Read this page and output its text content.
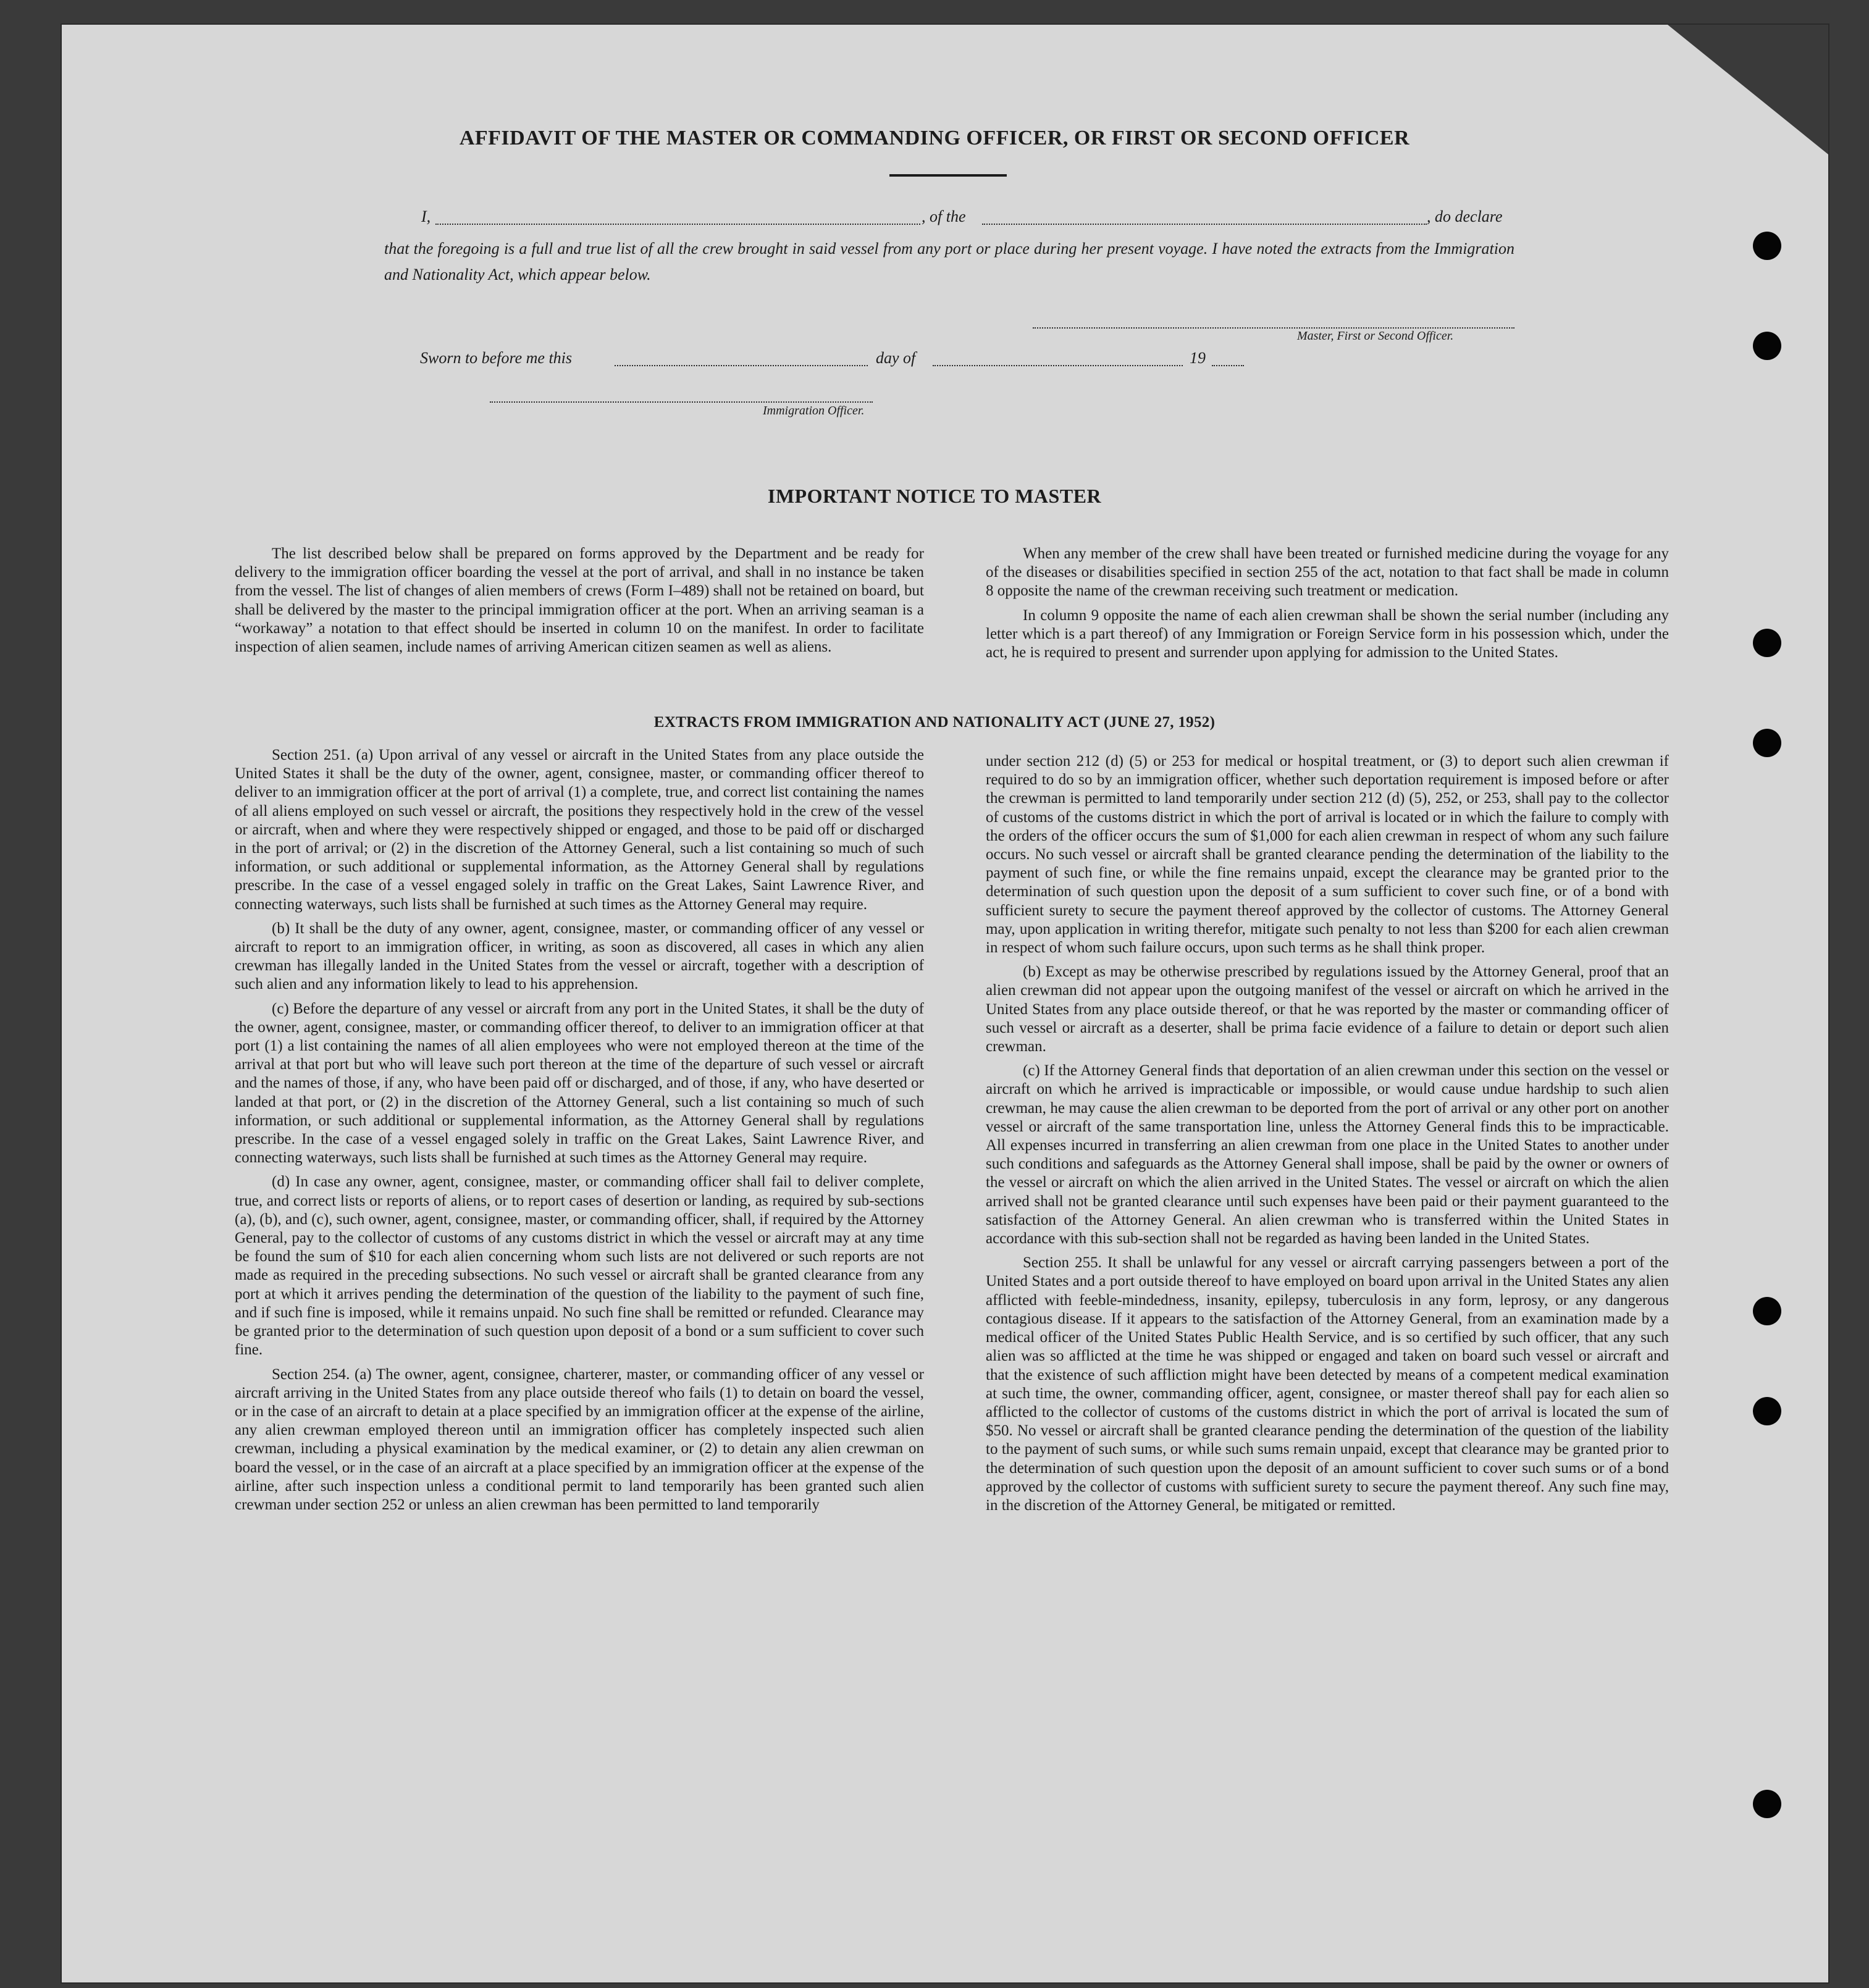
AFFIDAVIT OF THE MASTER OR COMMANDING OFFICER, OR FIRST OR SECOND OFFICER
I,	, of the	, do declare
that the foregoing is a full and true list of all the crew brought in said vessel from any port or place during her present voyage. I have noted the extracts from the Immigration and Nationality Act, which appear below.
Master, First or Second Officer.
Sworn to before me this	day of	19
Immigration Officer.
IMPORTANT NOTICE TO MASTER

The list described below shall be prepared on forms approved by the Department and be ready for delivery to the immigration officer boarding the vessel at the port of arrival, and shall in no instance be taken from the vessel. The list of changes of alien members of crews (Form I–489) shall not be retained on board, but shall be delivered by the master to the principal immigration officer at the port. When an arriving seaman is a “workaway” a notation to that effect should be inserted in column 10 on the manifest. In order to facilitate inspection of alien seamen, include names of arriving American citizen seamen as well as aliens.

When any member of the crew shall have been treated or furnished medicine during the voyage for any of the diseases or disabilities specified in section 255 of the act, notation to that fact shall be made in column 8 opposite the name of the crewman receiving such treatment or medication.

In column 9 opposite the name of each alien crewman shall be shown the serial number (including any letter which is a part thereof) of any Immigration or Foreign Service form in his possession which, under the act, he is required to present and surrender upon applying for admission to the United States.

EXTRACTS FROM IMMIGRATION AND NATIONALITY ACT (JUNE 27, 1952)

Section 251. (a) Upon arrival of any vessel or aircraft in the United States from any place outside the United States it shall be the duty of the owner, agent, consignee, master, or commanding officer thereof to deliver to an immigration officer at the port of arrival (1) a complete, true, and correct list containing the names of all aliens employed on such vessel or aircraft, the positions they respectively hold in the crew of the vessel or aircraft, when and where they were respectively shipped or engaged, and those to be paid off or discharged in the port of arrival; or (2) in the discretion of the Attorney General, such a list containing so much of such information, or such additional or supplemental information, as the Attorney General shall by regulations prescribe. In the case of a vessel engaged solely in traffic on the Great Lakes, Saint Lawrence River, and connecting waterways, such lists shall be furnished at such times as the Attorney General may require.

(b) It shall be the duty of any owner, agent, consignee, master, or commanding officer of any vessel or aircraft to report to an immigration officer, in writing, as soon as discovered, all cases in which any alien crewman has illegally landed in the United States from the vessel or aircraft, together with a description of such alien and any information likely to lead to his apprehension.

(c) Before the departure of any vessel or aircraft from any port in the United States, it shall be the duty of the owner, agent, consignee, master, or commanding officer thereof, to deliver to an immigration officer at that port (1) a list containing the names of all alien employees who were not employed thereon at the time of the arrival at that port but who will leave such port thereon at the time of the departure of such vessel or aircraft and the names of those, if any, who have been paid off or discharged, and of those, if any, who have deserted or landed at that port, or (2) in the discretion of the Attorney General, such a list containing so much of such information, or such additional or supplemental information, as the Attorney General shall by regulations prescribe. In the case of a vessel engaged solely in traffic on the Great Lakes, Saint Lawrence River, and connecting waterways, such lists shall be furnished at such times as the Attorney General may require.

(d) In case any owner, agent, consignee, master, or commanding officer shall fail to deliver complete, true, and correct lists or reports of aliens, or to report cases of desertion or landing, as required by sub-sections (a), (b), and (c), such owner, agent, consignee, master, or commanding officer, shall, if required by the Attorney General, pay to the collector of customs of any customs district in which the vessel or aircraft may at any time be found the sum of $10 for each alien concerning whom such lists are not delivered or such reports are not made as required in the preceding subsections. No such vessel or aircraft shall be granted clearance from any port at which it arrives pending the determination of the question of the liability to the payment of such fine, and if such fine is imposed, while it remains unpaid. No such fine shall be remitted or refunded. Clearance may be granted prior to the determination of such question upon deposit of a bond or a sum sufficient to cover such fine.

Section 254. (a) The owner, agent, consignee, charterer, master, or commanding officer of any vessel or aircraft arriving in the United States from any place outside thereof who fails (1) to detain on board the vessel, or in the case of an aircraft to detain at a place specified by an immigration officer at the expense of the airline, any alien crewman employed thereon until an immigration officer has completely inspected such alien crewman, including a physical examination by the medical examiner, or (2) to detain any alien crewman on board the vessel, or in the case of an aircraft at a place specified by an immigration officer at the expense of the airline, after such inspection unless a conditional permit to land temporarily has been granted such alien crewman under section 252 or unless an alien crewman has been permitted to land temporarily

under section 212 (d) (5) or 253 for medical or hospital treatment, or (3) to deport such alien crewman if required to do so by an immigration officer, whether such deportation requirement is imposed before or after the crewman is permitted to land temporarily under section 212 (d) (5), 252, or 253, shall pay to the collector of customs of the customs district in which the port of arrival is located or in which the failure to comply with the orders of the officer occurs the sum of $1,000 for each alien crewman in respect of whom any such failure occurs. No such vessel or aircraft shall be granted clearance pending the determination of the liability to the payment of such fine, or while the fine remains unpaid, except the clearance may be granted prior to the determination of such question upon the deposit of a sum sufficient to cover such fine, or of a bond with sufficient surety to secure the payment thereof approved by the collector of customs. The Attorney General may, upon application in writing therefor, mitigate such penalty to not less than $200 for each alien crewman in respect of whom such failure occurs, upon such terms as he shall think proper.

(b) Except as may be otherwise prescribed by regulations issued by the Attorney General, proof that an alien crewman did not appear upon the outgoing manifest of the vessel or aircraft on which he arrived in the United States from any place outside thereof, or that he was reported by the master or commanding officer of such vessel or aircraft as a deserter, shall be prima facie evidence of a failure to detain or deport such alien crewman.

(c) If the Attorney General finds that deportation of an alien crewman under this section on the vessel or aircraft on which he arrived is impracticable or impossible, or would cause undue hardship to such alien crewman, he may cause the alien crewman to be deported from the port of arrival or any other port on another vessel or aircraft of the same transportation line, unless the Attorney General finds this to be impracticable. All expenses incurred in transferring an alien crewman from one place in the United States to another under such conditions and safeguards as the Attorney General shall impose, shall be paid by the owner or owners of the vessel or aircraft on which the alien arrived in the United States. The vessel or aircraft on which the alien arrived shall not be granted clearance until such expenses have been paid or their payment guaranteed to the satisfaction of the Attorney General. An alien crewman who is transferred within the United States in accordance with this sub-section shall not be regarded as having been landed in the United States.

Section 255. It shall be unlawful for any vessel or aircraft carrying passengers between a port of the United States and a port outside thereof to have employed on board upon arrival in the United States any alien afflicted with feeble-mindedness, insanity, epilepsy, tuberculosis in any form, leprosy, or any dangerous contagious disease. If it appears to the satisfaction of the Attorney General, from an examination made by a medical officer of the United States Public Health Service, and is so certified by such officer, that any such alien was so afflicted at the time he was shipped or engaged and taken on board such vessel or aircraft and that the existence of such affliction might have been detected by means of a competent medical examination at such time, the owner, commanding officer, agent, consignee, or master thereof shall pay for each alien so afflicted to the collector of customs of the customs district in which the port of arrival is located the sum of $50. No vessel or aircraft shall be granted clearance pending the determination of the question of the liability to the payment of such sums, or while such sums remain unpaid, except that clearance may be granted prior to the determination of such question upon the deposit of an amount sufficient to cover such sums or of a bond approved by the collector of customs with sufficient surety to secure the payment thereof. Any such fine may, in the discretion of the Attorney General, be mitigated or remitted.
